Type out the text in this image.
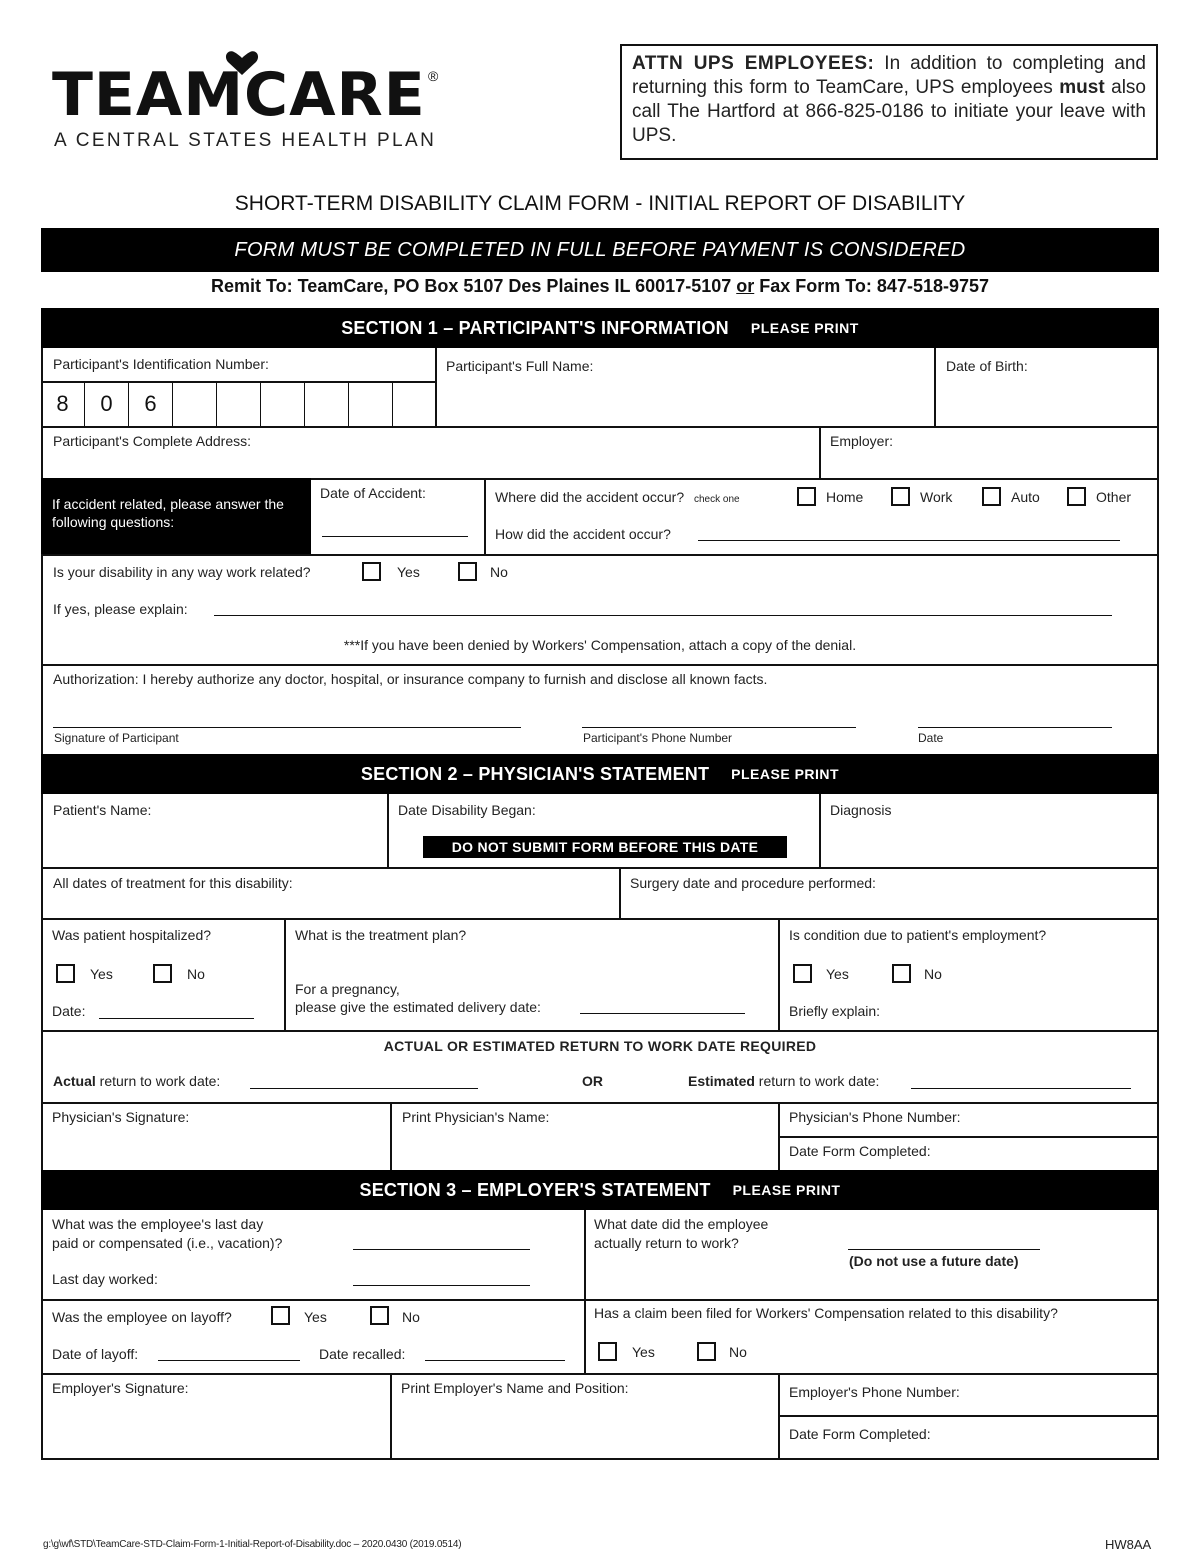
TEAMCARE ®
A CENTRAL STATES HEALTH PLAN
ATTN UPS EMPLOYEES: In addition to completing and returning this form to TeamCare, UPS employees must also call The Hartford at 866-825-0186 to initiate your leave with UPS.
SHORT-TERM DISABILITY CLAIM FORM - INITIAL REPORT OF DISABILITY
FORM MUST BE COMPLETED IN FULL BEFORE PAYMENT IS CONSIDERED
Remit To: TeamCare, PO Box 5107 Des Plaines IL 60017-5107 or Fax Form To: 847-518-9757
SECTION 1 – PARTICIPANT'S INFORMATION PLEASE PRINT
Participant's Identification Number:
8 0 6
Participant's Full Name:	Date of Birth:
Participant's Complete Address:	Employer:
If accident related, please answer the following questions:
Date of Accident:	Where did the accident occur? check one	Home	Work	Auto	Other
How did the accident occur?
Is your disability in any way work related?	Yes	No
If yes, please explain:
***If you have been denied by Workers' Compensation, attach a copy of the denial.
Authorization: I hereby authorize any doctor, hospital, or insurance company to furnish and disclose all known facts.
Signature of Participant	Participant's Phone Number	Date
SECTION 2 – PHYSICIAN'S STATEMENT PLEASE PRINT
Patient's Name:	Date Disability Began:
DO NOT SUBMIT FORM BEFORE THIS DATE
Diagnosis
All dates of treatment for this disability:	Surgery date and procedure performed:
Was patient hospitalized?
Yes	No
Date:
What is the treatment plan?
For a pregnancy,
please give the estimated delivery date:
Is condition due to patient's employment?
Yes	No
Briefly explain:
ACTUAL OR ESTIMATED RETURN TO WORK DATE REQUIRED
Actual return to work date:	OR	Estimated return to work date:
Physician's Signature:	Print Physician's Name:	Physician's Phone Number:
Date Form Completed:
SECTION 3 – EMPLOYER'S STATEMENT PLEASE PRINT
What was the employee's last day
paid or compensated (i.e., vacation)?
Last day worked:
What date did the employee
actually return to work?
(Do not use a future date)
Was the employee on layoff?	Yes	No
Date of layoff:	Date recalled:
Has a claim been filed for Workers' Compensation related to this disability?
Yes	No
Employer's Signature:	Print Employer's Name and Position:	Employer's Phone Number:
Date Form Completed:
g:\g\wf\STD\TeamCare-STD-Claim-Form-1-Initial-Report-of-Disability.doc – 2020.0430 (2019.0514)	HW8AA
